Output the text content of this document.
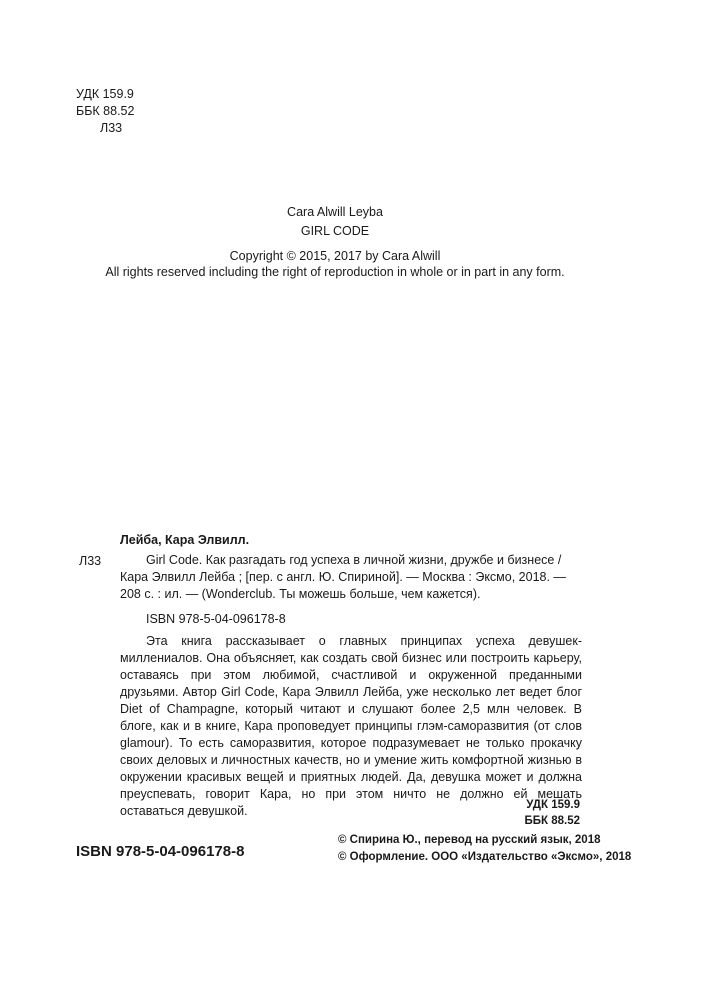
УДК 159.9
ББК 88.52
Л33
Cara Alwill Leyba
GIRL CODE
Copyright © 2015, 2017 by Cara Alwill
All rights reserved including the right of reproduction in whole or in part in any form.
Лейба, Кара Элвилл.
Л33	Girl Code. Как разгадать год успеха в личной жизни, дружбе и бизнесе / Кара Элвилл Лейба ; [пер. с англ. Ю. Спириной]. — Москва : Эксмо, 2018. — 208 с. : ил. — (Wonderclub. Ты можешь больше, чем кажется).
ISBN 978-5-04-096178-8
Эта книга рассказывает о главных принципах успеха девушек-миллениалов. Она объясняет, как создать свой бизнес или построить карьеру, оставаясь при этом любимой, счастливой и окруженной преданными друзьями. Автор Girl Code, Кара Элвилл Лейба, уже несколько лет ведет блог Diet of Champagne, который читают и слушают более 2,5 млн человек. В блоге, как и в книге, Кара проповедует принципы глэм-саморазвития (от слов glamour). То есть саморазвития, которое подразумевает не только прокачку своих деловых и личностных качеств, но и умение жить комфортной жизнью в окружении красивых вещей и приятных людей. Да, девушка может и должна преуспевать, говорит Кара, но при этом ничто не должно ей мешать оставаться девушкой.	УДК 159.9
ББК 88.52
ISBN 978-5-04-096178-8
© Спирина Ю., перевод на русский язык, 2018
© Оформление. ООО «Издательство «Эксмо», 2018
